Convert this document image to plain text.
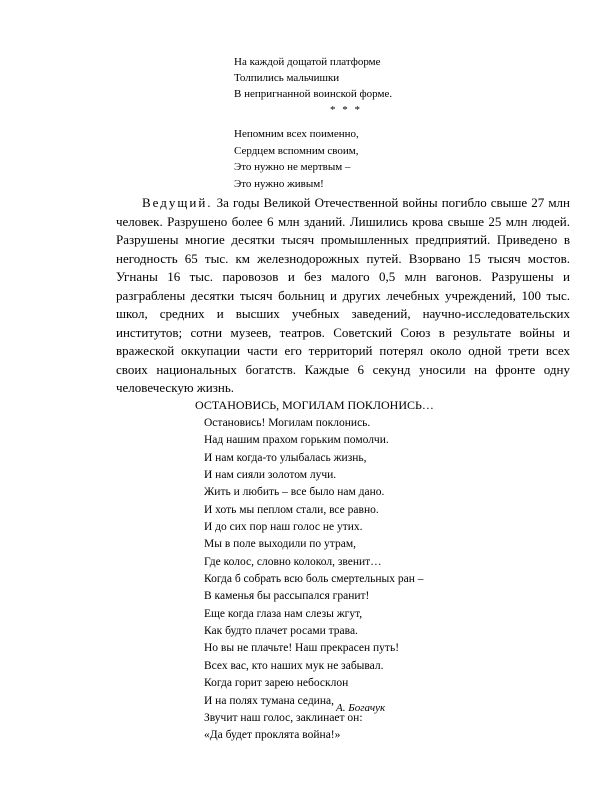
На каждой дощатой платформе
Толпились мальчишки
В непригнанной воинской форме.
* * *
Непомним всех поименно,
Сердцем вспомним своим,
Это нужно не мертвым –
Это нужно живым!

Ведущий. За годы Великой Отечественной войны погибло свыше 27 млн человек. Разрушено более 6 млн зданий. Лишились крова свыше 25 млн людей. Разрушены многие десятки тысяч промышленных предприятий. Приведено в негодность 65 тыс. км железнодорожных путей. Взорвано 15 тысяч мостов. Угнаны 16 тыс. паровозов и без малого 0,5 млн вагонов. Разрушены и разграблены десятки тысяч больниц и других лечебных учреждений, 100 тыс. школ, средних и высших учебных заведений, научно-исследовательских институтов; сотни музеев, театров. Советский Союз в результате войны и вражеской оккупации части его территорий потерял около одной трети всех своих национальных богатств. Каждые 6 секунд уносили на фронте одну человеческую жизнь.

ОСТАНОВИСЬ, МОГИЛАМ ПОКЛОНИСЬ…
Остановись! Могилам поклонись.
Над нашим прахом горьким помолчи.
И нам когда-то улыбалась жизнь,
И нам сияли золотом лучи.
Жить и любить – все было нам дано.
И хоть мы пеплом стали, все равно.
И до сих пор наш голос не утих.
Мы в поле выходили по утрам,
Где колос, словно колокол, звенит…
Когда б собрать всю боль смертельных ран –
В каменья бы рассыпался гранит!
Еще когда глаза нам слезы жгут,
Как будто плачет росами трава.
Но вы не плачьте! Наш прекрасен путь!
Всех вас, кто наших мук не забывал.
Когда горит зарею небосклон
И на полях тумана седина,
Звучит наш голос, заклинает он:
«Да будет проклята война!»
А. Богачук
